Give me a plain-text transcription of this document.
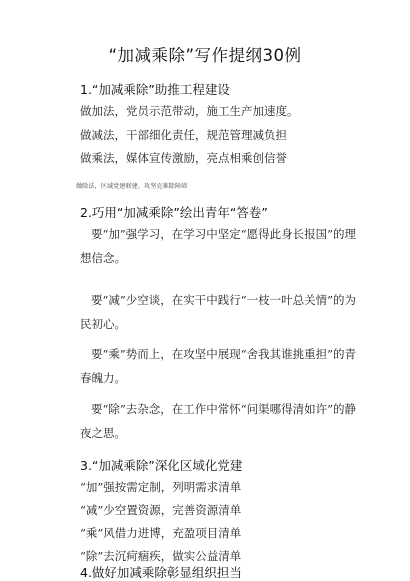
“加减乘除”写作提纲30例
1.“加减乘除”助推工程建设
做加法，党员示范带动，施工生产加速度。
做减法，干部细化责任，规范管理减负担
做乘法，媒体宣传激励，亮点相乘创信誉
做除法，区域党建联建，攻坚克难除障碍
2.巧用“加减乘除”绘出青年“答卷”
要“加”强学习，在学习中坚定“愿得此身长报国”的理想信念。
要“减”少空谈，在实干中践行“一枝一叶总关情”的为民初心。
要“乘”势而上，在攻坚中展现“舍我其谁挑重担”的青春魄力。
要“除”去杂念，在工作中常怀“问渠哪得清如许”的静夜之思。
3.“加减乘除”深化区域化党建
“加”强按需定制，列明需求清单
“减”少空置资源，完善资源清单
“乘”风借力进博，充盈项目清单
“除”去沉疴痼疾，做实公益清单
4.做好加减乘除彰显组织担当
